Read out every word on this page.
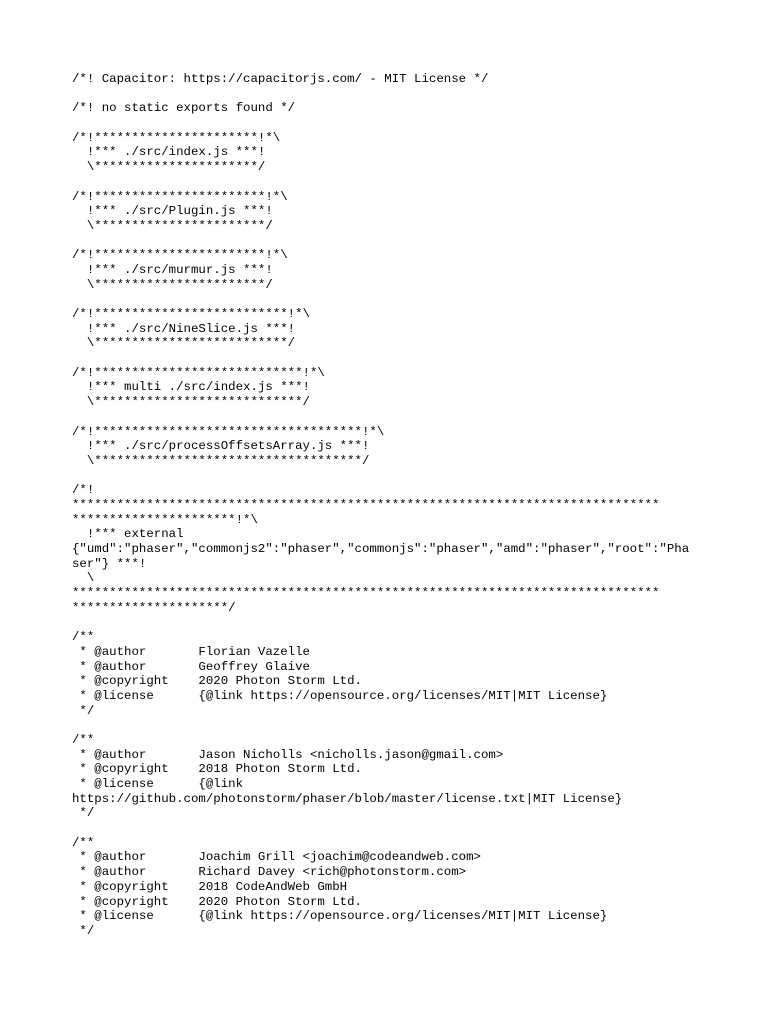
/*! Capacitor: https://capacitorjs.com/ - MIT License */
/*! no static exports found */
/*!**********************!*\
!*** ./src/index.js ***!
\**********************/
/*!***********************!*\
!*** ./src/Plugin.js ***!
\***********************/
/*!***********************!*\
!*** ./src/murmur.js ***!
\***********************/
/*!**************************!*\
!*** ./src/NineSlice.js ***!
\**************************/
/*!****************************!*\
!*** multi ./src/index.js ***!
\****************************/
/*!************************************!*\
!*** ./src/processOffsetsArray.js ***!
\************************************/
/*!
*******************************************************************************
**********************!*\
!*** external
{"umd":"phaser","commonjs2":"phaser","commonjs":"phaser","amd":"phaser","root":"Pha
ser"} ***!
\
*******************************************************************************
*********************/
/**
* @author       Florian Vazelle
* @author       Geoffrey Glaive
* @copyright    2020 Photon Storm Ltd.
* @license      {@link https://opensource.org/licenses/MIT|MIT License}
*/
/**
* @author       Jason Nicholls <nicholls.jason@gmail.com>
* @copyright    2018 Photon Storm Ltd.
* @license      {@link
https://github.com/photonstorm/phaser/blob/master/license.txt|MIT License}
*/
/**
* @author       Joachim Grill <joachim@codeandweb.com>
* @author       Richard Davey <rich@photonstorm.com>
* @copyright    2018 CodeAndWeb GmbH
* @copyright    2020 Photon Storm Ltd.
* @license      {@link https://opensource.org/licenses/MIT|MIT License}
*/
